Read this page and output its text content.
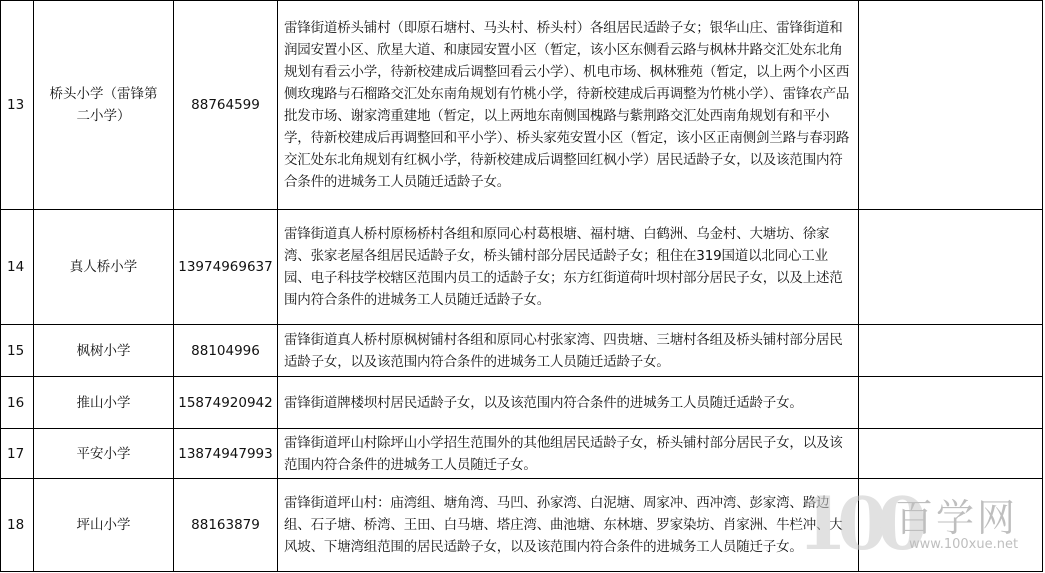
13	桥头小学（雷锋第二小学）	88764599	雷锋街道桥头铺村（即原石塘村、马头村、桥头村）各组居民适龄子女；银华山庄、雷锋街道和润园安置小区、欣星大道、和康园安置小区（暂定，该小区东侧看云路与枫林井路交汇处东北角规划有看云小学，待新校建成后调整回看云小学）、机电市场、枫林雅苑（暂定，以上两个小区西侧玫瑰路与石榴路交汇处东南角规划有竹桃小学，待新校建成后再调整为竹桃小学）、雷锋农产品批发市场、谢家湾重建地（暂定，以上两地东南侧国槐路与紫荆路交汇处西南角规划有和平小学，待新校建成后再调整回和平小学）、桥头家苑安置小区（暂定，该小区正南侧剑兰路与春羽路交汇处东北角规划有红枫小学，待新校建成后调整回红枫小学）居民适龄子女，以及该范围内符合条件的进城务工人员随迁适龄子女。	
14	真人桥小学	13974969637	雷锋街道真人桥村原杨桥村各组和原同心村葛根塘、福村塘、白鹤洲、乌金村、大塘坊、徐家湾、张家老屋各组居民适龄子女，桥头铺村部分居民适龄子女；租住在319国道以北同心工业园、电子科技学校辖区范围内员工的适龄子女；东方红街道荷叶坝村部分居民子女，以及上述范围内符合条件的进城务工人员随迁适龄子女。	
15	枫树小学	88104996	雷锋街道真人桥村原枫树铺村各组和原同心村张家湾、四贵塘、三塘村各组及桥头铺村部分居民适龄子女，以及该范围内符合条件的进城务工人员随迁适龄子女。	
16	推山小学	15874920942	雷锋街道牌楼坝村居民适龄子女，以及该范围内符合条件的进城务工人员随迁适龄子女。	
17	平安小学	13874947993	雷锋街道坪山村除坪山小学招生范围外的其他组居民适龄子女，桥头铺村部分居民子女，以及该范围内符合条件的进城务工人员随迁子女。	
18	坪山小学	88163879	雷锋街道坪山村：庙湾组、塘角湾、马凹、孙家湾、白泥塘、周家冲、西冲湾、彭家湾、路边组、石子塘、桥湾、王田、白马塘、塔庄湾、曲池塘、东林塘、罗家染坊、肖家洲、牛栏冲、大风坡、下塘湾组范围的居民适龄子女，以及该范围内符合条件的进城务工人员随迁子女。	
100
百学网
www.100xue.net
